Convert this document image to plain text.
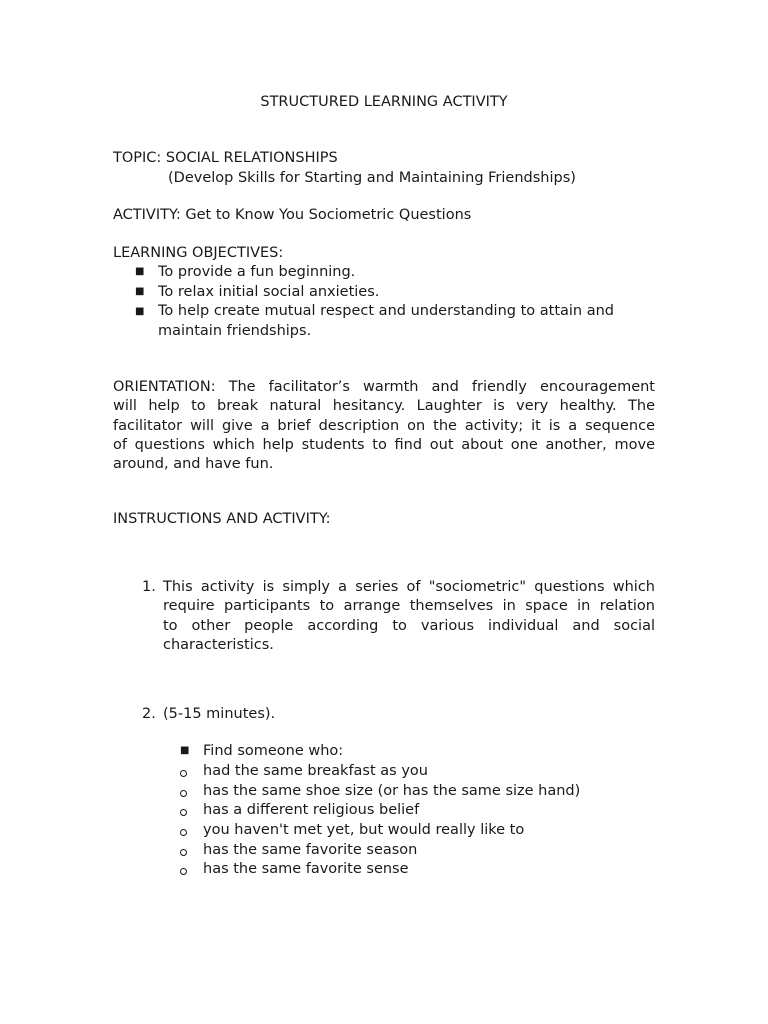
STRUCTURED LEARNING ACTIVITY
TOPIC: SOCIAL RELATIONSHIPS
(Develop Skills for Starting and Maintaining Friendships)
ACTIVITY: Get to Know You Sociometric Questions
LEARNING OBJECTIVES:
■ To provide a fun beginning.
■ To relax initial social anxieties.
■ To help create mutual respect and understanding to attain and
maintain friendships.
ORIENTATION: The facilitator’s warmth and friendly encouragement
will help to break natural hesitancy. Laughter is very healthy. The
facilitator will give a brief description on the activity; it is a sequence
of questions which help students to find out about one another, move
around, and have fun.
INSTRUCTIONS AND ACTIVITY:
1. This activity is simply a series of "sociometric" questions which
require participants to arrange themselves in space in relation
to other people according to various individual and social
characteristics.
2. (5-15 minutes).
■ Find someone who:
had the same breakfast as you
has the same shoe size (or has the same size hand)
has a different religious belief
you haven't met yet, but would really like to
has the same favorite season
has the same favorite sense
